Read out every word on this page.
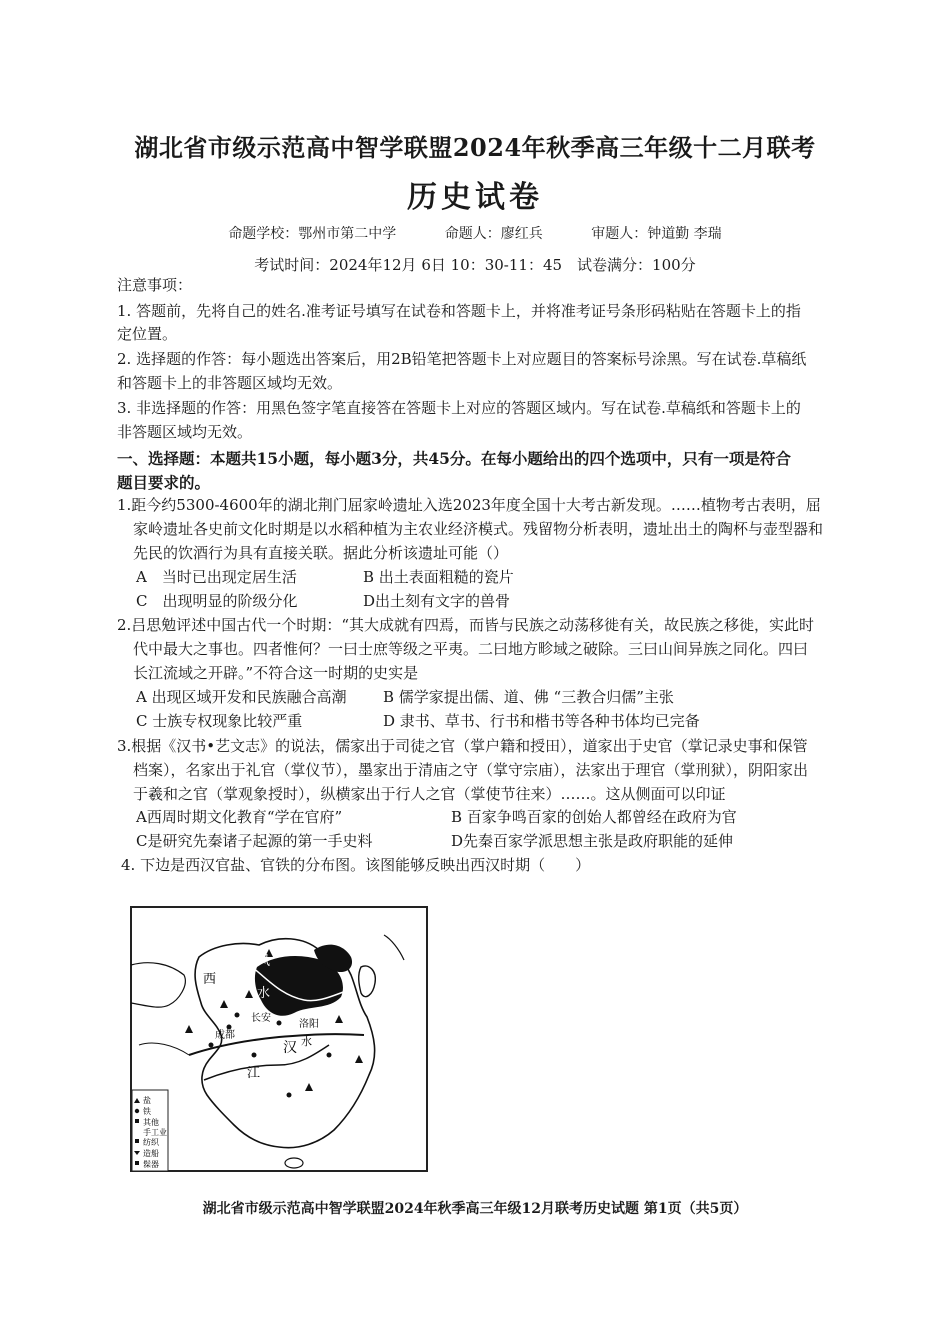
湖北省市级示范高中智学联盟2024年秋季高三年级十二月联考
历史试卷
命题学校：鄂州市第二中学	命题人：廖红兵	审题人：钟道勤 李瑞
考试时间：2024年12月 6日 10：30-11：45　试卷满分：100分
注意事项：
1. 答题前，先将自己的姓名.准考证号填写在试卷和答题卡上，并将准考证号条形码粘贴在答题卡上的指
定位置。
2. 选择题的作答：每小题选出答案后，用2B铅笔把答题卡上对应题目的答案标号涂黑。写在试卷.草稿纸
和答题卡上的非答题区域均无效。
3. 非选择题的作答：用黑色签字笔直接答在答题卡上对应的答题区域内。写在试卷.草稿纸和答题卡上的
非答题区域均无效。
一、选择题：本题共15小题，每小题3分，共45分。在每小题给出的四个选项中，只有一项是符合
题目要求的。
1.距今约5300-4600年的湖北荆门屈家岭遗址入选2023年度全国十大考古新发现。……植物考古表明，屈
家岭遗址各史前文化时期是以水稻种植为主农业经济模式。残留物分析表明，遗址出土的陶杯与壶型器和
先民的饮酒行为具有直接关联。据此分析该遗址可能（）
A　当时已出现定居生活	B 出土表面粗糙的瓷片
C　出现明显的阶级分化	D出土刻有文字的兽骨
2.吕思勉评述中国古代一个时期：“其大成就有四焉，而皆与民族之动荡移徙有关，故民族之移徙，实此时
代中最大之事也。四者惟何？一曰士庶等级之平夷。二曰地方畛域之破除。三曰山间异族之同化。四曰
长江流域之开辟。”不符合这一时期的史实是
A 出现区域开发和民族融合高潮 B 儒学家提出儒、道、佛 “三教合归儒”主张
C 士族专权现象比较严重	D 隶书、草书、行书和楷书等各种书体均已完备
3.根据《汉书•艺文志》的说法，儒家出于司徒之官（掌户籍和授田），道家出于史官（掌记录史事和保管
档案），名家出于礼官（掌仪节），墨家出于清庙之守（掌守宗庙），法家出于理官（掌刑狱），阴阳家出
于羲和之官（掌观象授时），纵横家出于行人之官（掌使节往来）……。这从侧面可以印证
A西周时期文化教育“学在官府”	B 百家争鸣百家的创始人都曾经在政府为官
C是研究先秦诸子起源的第一手史料	D先秦百家学派思想主张是政府职能的延伸
4. 下边是西汉官盐、官铁的分布图。该图能够反映出西汉时期（　　）
西
风
水
长安
洛阳
成都
汉
江
水
盐
铁
其他
手工业
纺织
造船
髹器
湖北省市级示范高中智学联盟2024年秋季高三年级12月联考历史试题 第1页（共5页）
